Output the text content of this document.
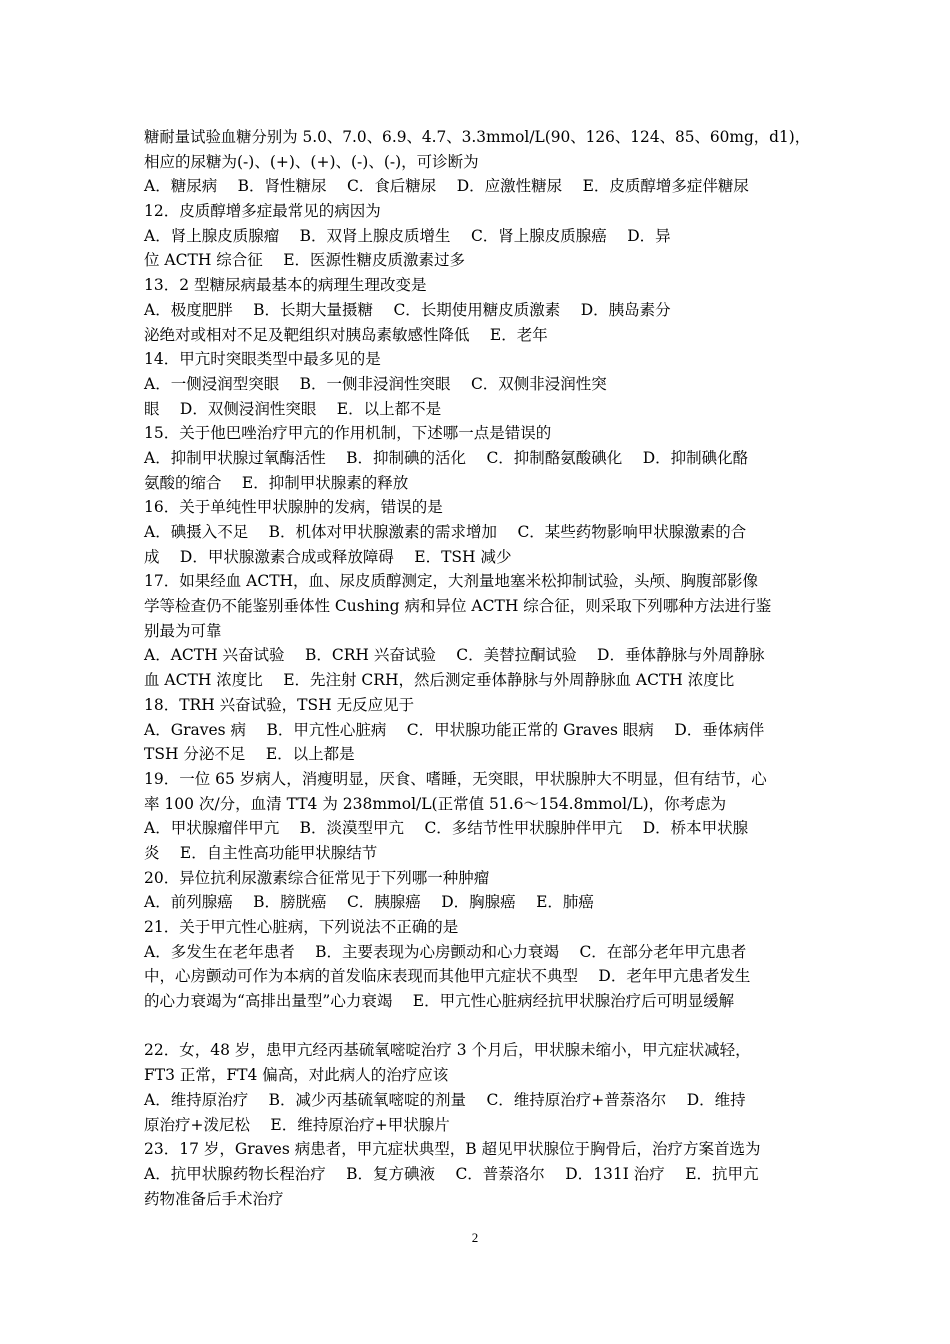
糖耐量试验血糖分别为 5.0、7.0、6.9、4.7、3.3mmol/L(90、126、124、85、60mg，d1)，
相应的尿糖为(-)、(+)、(+)、(-)、(-)，可诊断为
A．糖尿病　 B．肾性糖尿　 C．食后糖尿　 D．应激性糖尿　 E．皮质醇增多症伴糖尿
12．皮质醇增多症最常见的病因为
A．肾上腺皮质腺瘤　 B．双肾上腺皮质增生　 C．肾上腺皮质腺癌　 D．异
位 ACTH 综合征　 E．医源性糖皮质激素过多
13．2 型糖尿病最基本的病理生理改变是
A．极度肥胖　 B．长期大量摄糖　 C．长期使用糖皮质激素　 D．胰岛素分
泌绝对或相对不足及靶组织对胰岛素敏感性降低　 E．老年
14．甲亢时突眼类型中最多见的是
A．一侧浸润型突眼　 B．一侧非浸润性突眼　 C．双侧非浸润性突
眼　 D．双侧浸润性突眼　 E．以上都不是
15．关于他巴唑治疗甲亢的作用机制，下述哪一点是错误的
A．抑制甲状腺过氧酶活性　 B．抑制碘的活化　 C．抑制酪氨酸碘化　 D．抑制碘化酪
氨酸的缩合　 E．抑制甲状腺素的释放
16．关于单纯性甲状腺肿的发病，错误的是
A．碘摄入不足　 B．机体对甲状腺激素的需求增加　 C．某些药物影响甲状腺激素的合
成　 D．甲状腺激素合成或释放障碍　 E．TSH 减少
17．如果经血 ACTH，血、尿皮质醇测定，大剂量地塞米松抑制试验，头颅、胸腹部影像
学等检查仍不能鉴别垂体性 Cushing 病和异位 ACTH 综合征，则采取下列哪种方法进行鉴
别最为可靠
A．ACTH 兴奋试验　 B．CRH 兴奋试验　 C．美替拉酮试验　 D．垂体静脉与外周静脉
血 ACTH 浓度比　 E．先注射 CRH，然后测定垂体静脉与外周静脉血 ACTH 浓度比
18．TRH 兴奋试验，TSH 无反应见于
A．Graves 病　 B．甲亢性心脏病　 C．甲状腺功能正常的 Graves 眼病　 D．垂体病伴
TSH 分泌不足　 E．以上都是
19．一位 65 岁病人，消瘦明显，厌食、嗜睡，无突眼，甲状腺肿大不明显，但有结节，心
率 100 次/分，血清 TT4 为 238mmol/L(正常值 51.6～154.8mmol/L)，你考虑为
A．甲状腺瘤伴甲亢　 B．淡漠型甲亢　 C．多结节性甲状腺肿伴甲亢　 D．桥本甲状腺
炎　 E．自主性高功能甲状腺结节
20．异位抗利尿激素综合征常见于下列哪一种肿瘤
A．前列腺癌　 B．膀胱癌　 C．胰腺癌　 D．胸腺癌　 E．肺癌
21．关于甲亢性心脏病，下列说法不正确的是
A．多发生在老年患者　 B．主要表现为心房颤动和心力衰竭　 C．在部分老年甲亢患者
中，心房颤动可作为本病的首发临床表现而其他甲亢症状不典型　 D．老年甲亢患者发生
的心力衰竭为“高排出量型”心力衰竭　 E．甲亢性心脏病经抗甲状腺治疗后可明显缓解
22．女，48 岁，患甲亢经丙基硫氧嘧啶治疗 3 个月后，甲状腺未缩小，甲亢症状减轻，
FT3 正常，FT4 偏高，对此病人的治疗应该
A．维持原治疗　 B．减少丙基硫氧嘧啶的剂量　 C．维持原治疗+普萘洛尔　 D．维持
原治疗+泼尼松　 E．维持原治疗+甲状腺片
23．17 岁，Graves 病患者，甲亢症状典型，B 超见甲状腺位于胸骨后，治疗方案首选为
A．抗甲状腺药物长程治疗　 B．复方碘液　 C．普萘洛尔　 D．131I 治疗　 E．抗甲亢
药物准备后手术治疗
2
